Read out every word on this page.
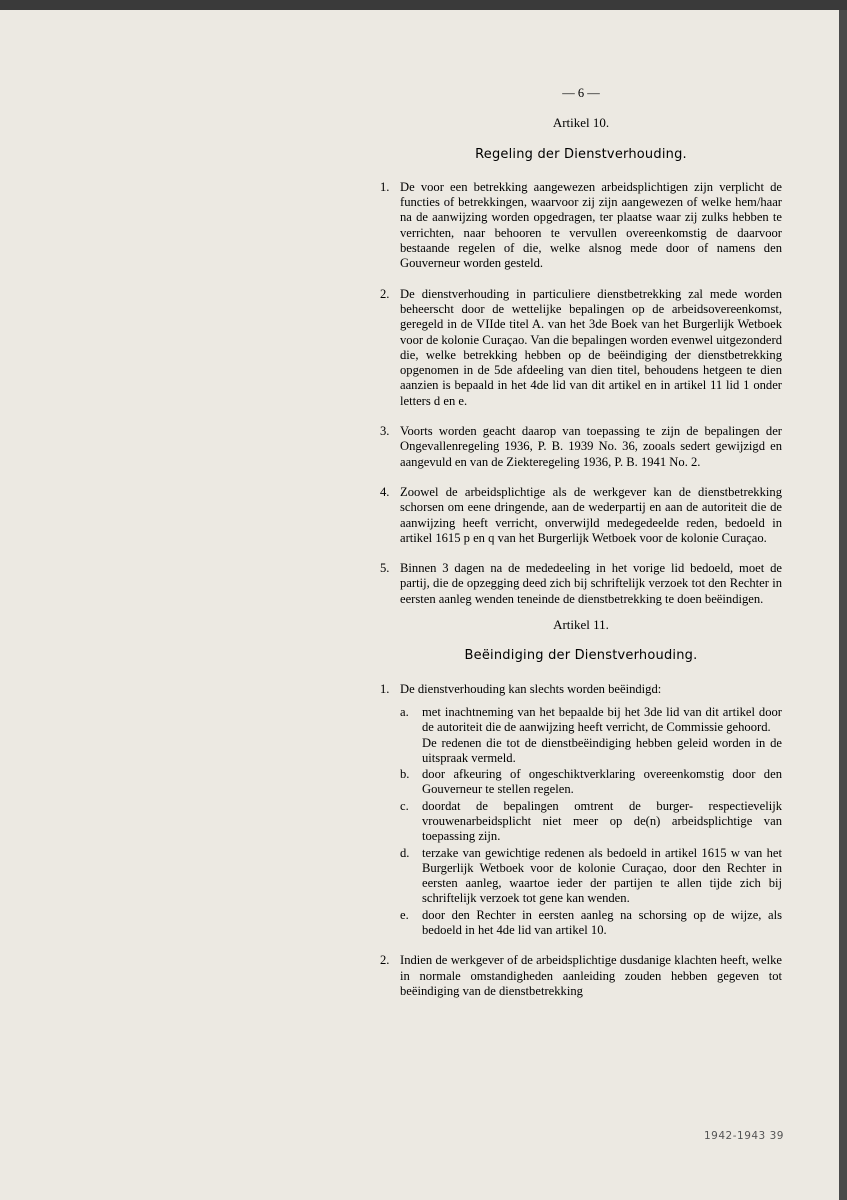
— 6 —
Artikel 10.
Regeling der Dienstverhouding.
1. De voor een betrekking aangewezen arbeidsplichtigen zijn verplicht de functies of betrekkingen, waarvoor zij zijn aangewezen of welke hem/haar na de aanwijzing worden opgedragen, ter plaatse waar zij zulks hebben te verrichten, naar behooren te vervullen overeenkomstig de daarvoor bestaande regelen of die, welke alsnog mede door of namens den Gouverneur worden gesteld.
2. De dienstverhouding in particuliere dienstbetrekking zal mede worden beheerscht door de wettelijke bepalingen op de arbeidsovereenkomst, geregeld in de VIIde titel A. van het 3de Boek van het Burgerlijk Wetboek voor de kolonie Curaçao. Van die bepalingen worden evenwel uitgezonderd die, welke betrekking hebben op de beëindiging der dienstbetrekking opgenomen in de 5de afdeeling van dien titel, behoudens hetgeen te dien aanzien is bepaald in het 4de lid van dit artikel en in artikel 11 lid 1 onder letters d en e.
3. Voorts worden geacht daarop van toepassing te zijn de bepalingen der Ongevallenregeling 1936, P. B. 1939 No. 36, zooals sedert gewijzigd en aangevuld en van de Ziekteregeling 1936, P. B. 1941 No. 2.
4. Zoowel de arbeidsplichtige als de werkgever kan de dienstbetrekking schorsen om eene dringende, aan de wederpartij en aan de autoriteit die de aanwijzing heeft verricht, onverwijld medegedeelde reden, bedoeld in artikel 1615 p en q van het Burgerlijk Wetboek voor de kolonie Curaçao.
5. Binnen 3 dagen na de mededeeling in het vorige lid bedoeld, moet de partij, die de opzegging deed zich bij schriftelijk verzoek tot den Rechter in eersten aanleg wenden teneinde de dienstbetrekking te doen beëindigen.
Artikel 11.
Beëindiging der Dienstverhouding.
1. De dienstverhouding kan slechts worden beëindigd:
a. met inachtneming van het bepaalde bij het 3de lid van dit artikel door de autoriteit die de aanwijzing heeft verricht, de Commissie gehoord.
De redenen die tot de dienstbeëindiging hebben geleid worden in de uitspraak vermeld.
b. door afkeuring of ongeschiktverklaring overeenkomstig door den Gouverneur te stellen regelen.
c. doordat de bepalingen omtrent de burger- respectievelijk vrouwenarbeidsplicht niet meer op de(n) arbeidsplichtige van toepassing zijn.
d. terzake van gewichtige redenen als bedoeld in artikel 1615 w van het Burgerlijk Wetboek voor de kolonie Curaçao, door den Rechter in eersten aanleg, waartoe ieder der partijen te allen tijde zich bij schriftelijk verzoek tot gene kan wenden.
e. door den Rechter in eersten aanleg na schorsing op de wijze, als bedoeld in het 4de lid van artikel 10.
2. Indien de werkgever of de arbeidsplichtige dusdanige klachten heeft, welke in normale omstandigheden aanleiding zouden hebben gegeven tot beëindiging van de dienstbetrekking
1942-1943 39
